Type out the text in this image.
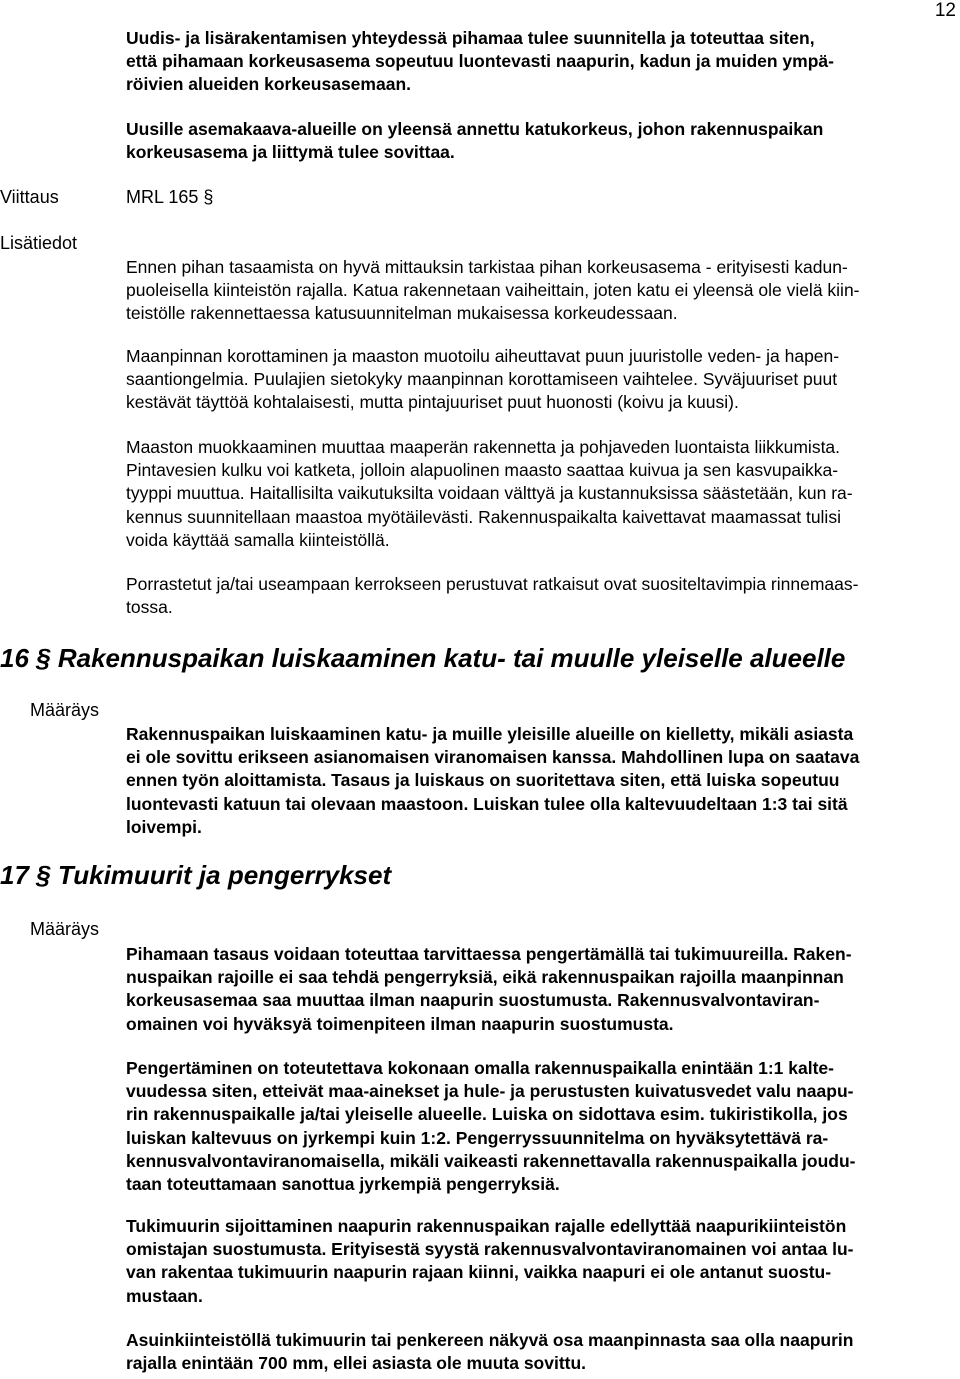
12
Uudis- ja lisärakentamisen yhteydessä pihamaa tulee suunnitella ja toteuttaa siten,
että pihamaan korkeusasema sopeutuu luontevasti naapurin, kadun ja muiden ympä-
röivien alueiden korkeusasemaan.
Uusille asemakaava-alueille on yleensä annettu katukorkeus, johon rakennuspaikan
korkeusasema ja liittymä tulee sovittaa.
Viittaus	MRL 165 §
Lisätiedot
Ennen pihan tasaamista on hyvä mittauksin tarkistaa pihan korkeusasema - erityisesti kadun-
puoleisella kiinteistön rajalla. Katua rakennetaan vaiheittain, joten katu ei yleensä ole vielä kiin-
teistölle rakennettaessa katusuunnitelman mukaisessa korkeudessaan.
Maanpinnan korottaminen ja maaston muotoilu aiheuttavat puun juuristolle veden- ja hapen-
saantiongelmia. Puulajien sietokyky maanpinnan korottamiseen vaihtelee. Syväjuuriset puut
kestävät täyttöä kohtalaisesti, mutta pintajuuriset puut huonosti (koivu ja kuusi).
Maaston muokkaaminen muuttaa maaperän rakennetta ja pohjaveden luontaista liikkumista.
Pintavesien kulku voi katketa, jolloin alapuolinen maasto saattaa kuivua ja sen kasvupaikka-
tyyppi muuttua. Haitallisilta vaikutuksilta voidaan välttyä ja kustannuksissa säästetään, kun ra-
kennus suunnitellaan maastoa myötäilevästi. Rakennuspaikalta kaivettavat maamassat tulisi
voida käyttää samalla kiinteistöllä.
Porrastetut ja/tai useampaan kerrokseen perustuvat ratkaisut ovat suositeltavimpia rinnemaas-
tossa.
16 § Rakennuspaikan luiskaaminen katu- tai muulle yleiselle alueelle
Määräys
Rakennuspaikan luiskaaminen katu- ja muille yleisille alueille on kielletty, mikäli asiasta
ei ole sovittu erikseen asianomaisen viranomaisen kanssa. Mahdollinen lupa on saatava
ennen työn aloittamista. Tasaus ja luiskaus on suoritettava siten, että luiska sopeutuu
luontevasti katuun tai olevaan maastoon. Luiskan tulee olla kaltevuudeltaan 1:3 tai sitä
loivempi.
17 § Tukimuurit ja pengerrykset
Määräys
Pihamaan tasaus voidaan toteuttaa tarvittaessa pengertämällä tai tukimuureilla. Raken-
nuspaikan rajoille ei saa tehdä pengerryksiä, eikä rakennuspaikan rajoilla maanpinnan
korkeusasemaa saa muuttaa ilman naapurin suostumusta. Rakennusvalvontaviran-
omainen voi hyväksyä toimenpiteen ilman naapurin suostumusta.
Pengertäminen on toteutettava kokonaan omalla rakennuspaikalla enintään 1:1 kalte-
vuudessa siten, etteivät maa-ainekset ja hule- ja perustusten kuivatusvedet valu naapu-
rin rakennuspaikalle ja/tai yleiselle alueelle. Luiska on sidottava esim. tukiristikolla, jos
luiskan kaltevuus on jyrkempi kuin 1:2. Pengerryssuunnitelma on hyväksytettävä ra-
kennusvalvontaviranomaisella, mikäli vaikeasti rakennettavalla rakennuspaikalla joudu-
taan toteuttamaan sanottua jyrkempiä pengerryksiä.
Tukimuurin sijoittaminen naapurin rakennuspaikan rajalle edellyttää naapurikiinteistön
omistajan suostumusta. Erityisestä syystä rakennusvalvontaviranomainen voi antaa lu-
van rakentaa tukimuurin naapurin rajaan kiinni, vaikka naapuri ei ole antanut suostu-
mustaan.
Asuinkiinteistöllä tukimuurin tai penkereen näkyvä osa maanpinnasta saa olla naapurin
rajalla enintään 700 mm, ellei asiasta ole muuta sovittu.
